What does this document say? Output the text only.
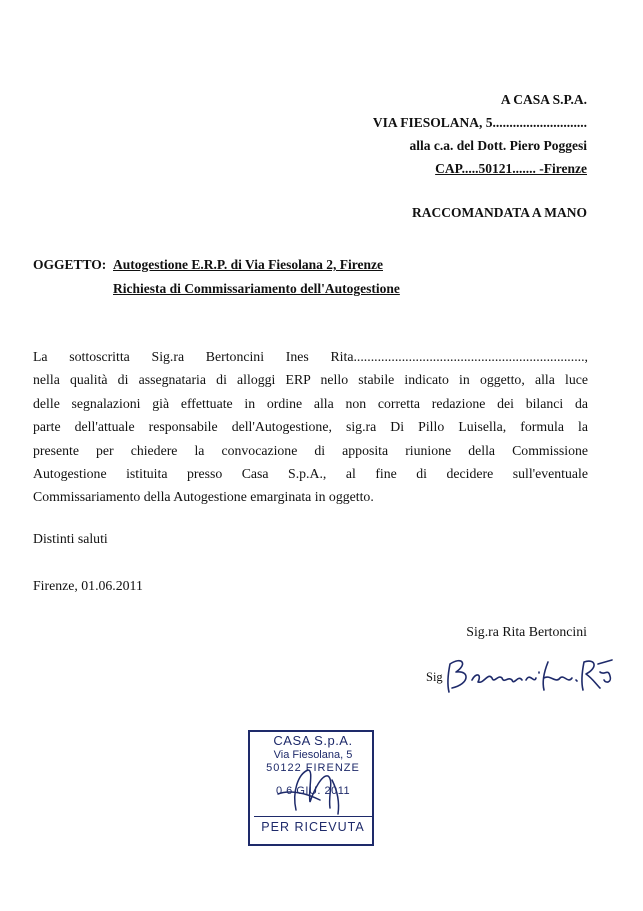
A CASA S.P.A.
VIA FIESOLANA, 5............................
alla c.a. del Dott. Piero Poggesi
CAP.....50121....... -Firenze
RACCOMANDATA A MANO
OGGETTO: Autogestione E.R.P. di Via Fiesolana 2, Firenze
Richiesta di Commissariamento dell'Autogestione
La sottoscritta Sig.ra Bertoncini Ines Rita...................................................................,
nella qualità di assegnataria di alloggi ERP nello stabile indicato in oggetto, alla luce
delle segnalazioni già effettuate in ordine alla non corretta redazione dei bilanci da
parte dell'attuale responsabile dell'Autogestione, sig.ra Di Pillo Luisella, formula la
presente per chiedere la convocazione di apposita riunione della Commissione
Autogestione istituita presso Casa S.p.A., al fine di decidere sull'eventuale
Commissariamento della Autogestione emarginata in oggetto.
Distinti saluti
Firenze, 01.06.2011
Sig.ra Rita Bertoncini
Sig
CASA S.p.A.
Via Fiesolana, 5
50122 FIRENZE
0 6 GIU. 2011
PER RICEVUTA
